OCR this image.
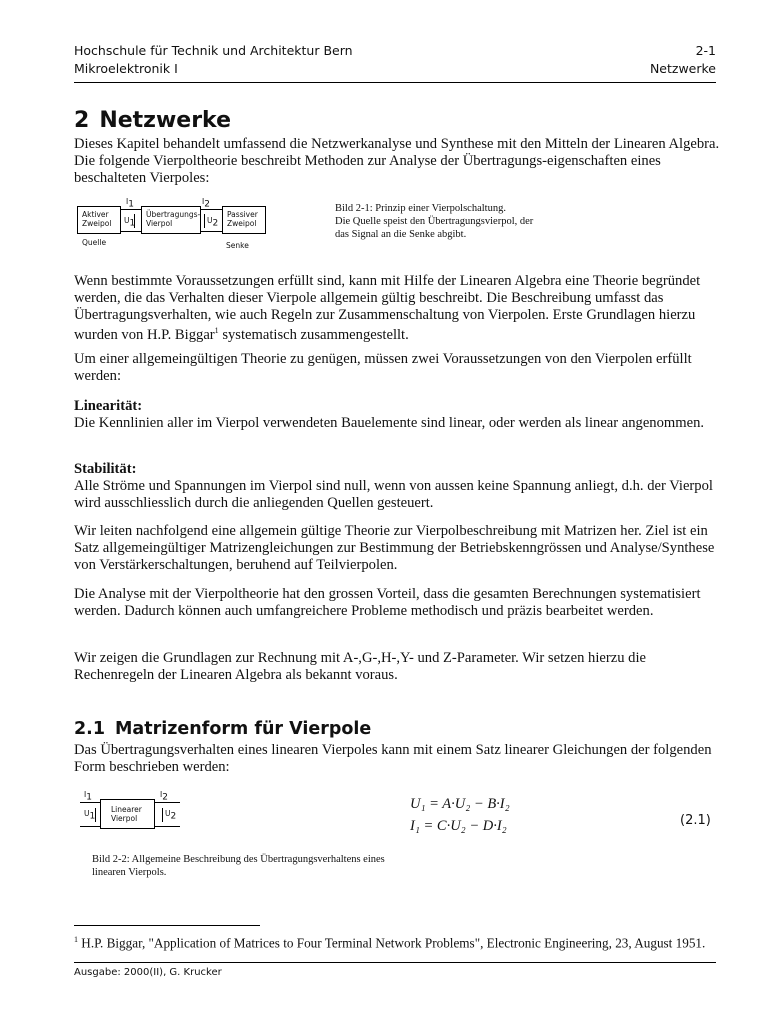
Hochschule für Technik und Architektur Bern	2-1
Mikroelektronik I	Netzwerke
2 Netzwerke
Dieses Kapitel behandelt umfassend die Netzwerkanalyse und Synthese mit den Mitteln der Linearen Algebra. Die folgende Vierpoltheorie beschreibt Methoden zur Analyse der Übertragungs-eigenschaften eines beschalteten Vierpoles:
Aktiver
Zweipol
Übertragungs-
Vierpol
Passiver
Zweipol
$I_1$
$U_1$
$I_2$
$U_2$
Quelle	Senke
Bild 2-1: Prinzip einer Vierpolschaltung.
Die Quelle speist den Übertragungsvierpol, der
das Signal an die Senke abgibt.
Wenn bestimmte Voraussetzungen erfüllt sind, kann mit Hilfe der Linearen Algebra eine Theorie begründet werden, die das Verhalten dieser Vierpole allgemein gültig beschreibt. Die Beschreibung umfasst das Übertragungsverhalten, wie auch Regeln zur Zusammenschaltung von Vierpolen. Erste Grundlagen hierzu wurden von H.P. Biggar$^1$ systematisch zusammengestellt.
Um einer allgemeingültigen Theorie zu genügen, müssen zwei Voraussetzungen von den Vierpolen erfüllt werden:
Linearität:
Die Kennlinien aller im Vierpol verwendeten Bauelemente sind linear, oder werden als linear angenommen.
Stabilität:
Alle Ströme und Spannungen im Vierpol sind null, wenn von aussen keine Spannung anliegt, d.h. der Vierpol wird ausschliesslich durch die anliegenden Quellen gesteuert.
Wir leiten nachfolgend eine allgemein gültige Theorie zur Vierpolbeschreibung mit Matrizen her. Ziel ist ein Satz allgemeingültiger Matrizengleichungen zur Bestimmung der Betriebskenngrössen und Analyse/Synthese von Verstärkerschaltungen, beruhend auf Teilvierpolen.
Die Analyse mit der Vierpoltheorie hat den grossen Vorteil, dass die gesamten Berechnungen systematisiert werden. Dadurch können auch umfangreichere Probleme methodisch und präzis bearbeitet werden.
Wir zeigen die Grundlagen zur Rechnung mit A-,G-,H-,Y- und Z-Parameter. Wir setzen hierzu die Rechenregeln der Linearen Algebra als bekannt voraus.
2.1 Matrizenform für Vierpole
Das Übertragungsverhalten eines linearen Vierpoles kann mit einem Satz linearer Gleichungen der folgenden Form beschrieben werden:
Linearer
Vierpol
$I_1$
$U_1$
$I_2$
$U_2$
U₁ = A·U₂ − B·I₂
I₁ = C·U₂ − D·I₂	(2.1)
Bild 2-2: Allgemeine Beschreibung des Übertragungsverhaltens eines
linearen Vierpols.
$^1$ H.P. Biggar, "Application of Matrices to Four Terminal Network Problems", Electronic Engineering, 23, August 1951.
Ausgabe: 2000(II), G. Krucker
